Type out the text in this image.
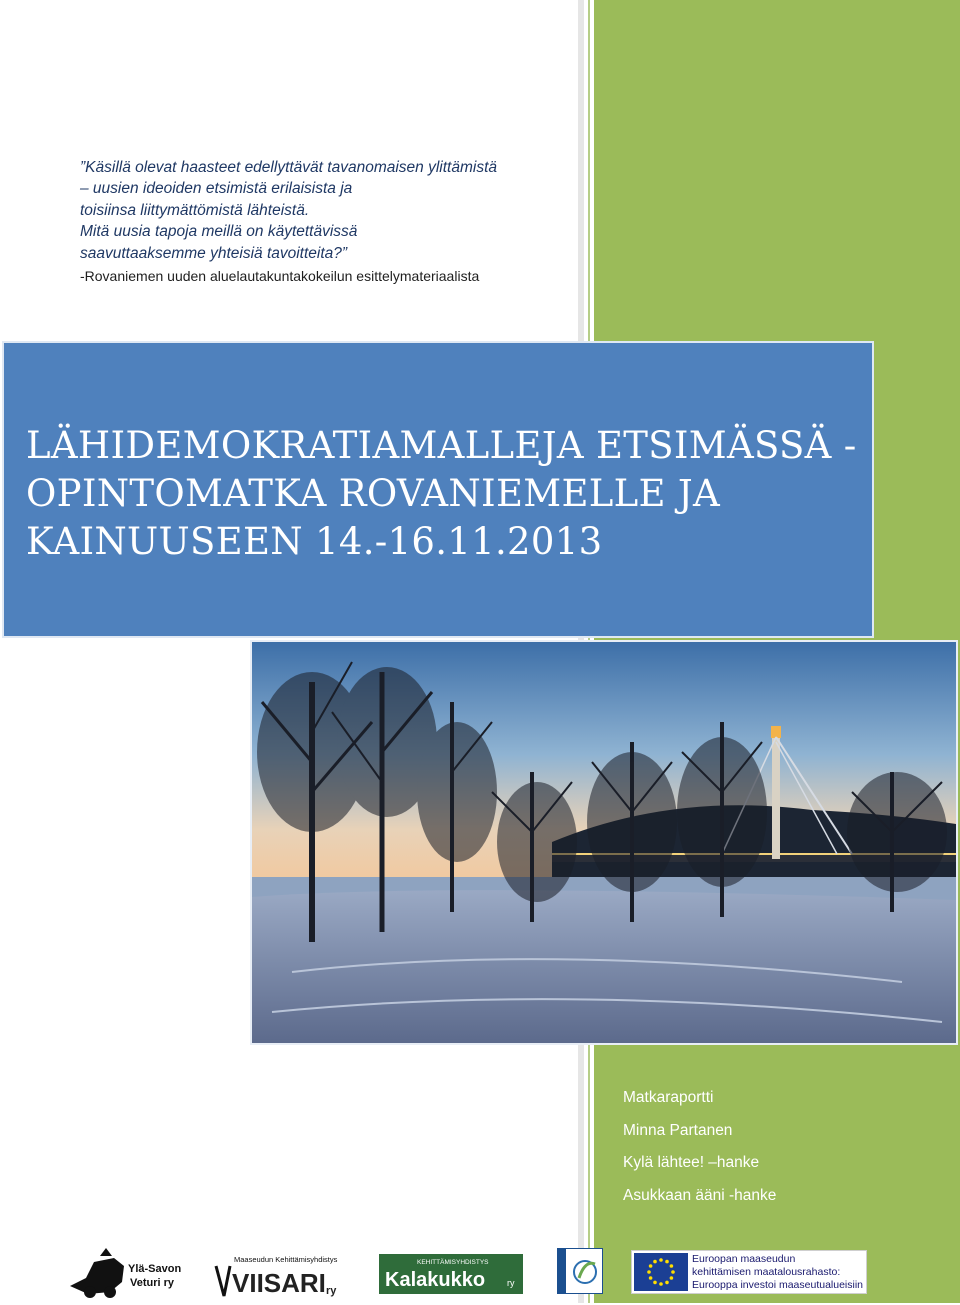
”Käsillä olevat haasteet edellyttävät tavanomaisen ylittämistä
– uusien ideoiden etsimistä erilaisista ja
toisiinsa liittymättömistä lähteistä.
Mitä uusia tapoja meillä on käytettävissä
saavuttaaksemme yhteisiä tavoitteita?”
-Rovaniemen uuden aluelautakuntakokeilun esittelymateriaalista
LÄHIDEMOKRATIAMALLEJA ETSIMÄSSÄ -
OPINTOMATKA ROVANIEMELLE JA
KAINUUSEEN 14.-16.11.2013
Matkaraportti
Minna Partanen
Kylä lähtee! –hanke
Asukkaan ääni -hanke
Ylä-Savon
Veturi ry
Maaseudun Kehittämisyhdistys
VIISARI ry
KEHITTÄMISYHDISTYS
Kalakukko ry
Euroopan maaseudun
kehittämisen maatalousrahasto:
Eurooppa investoi maaseutualueisiin
